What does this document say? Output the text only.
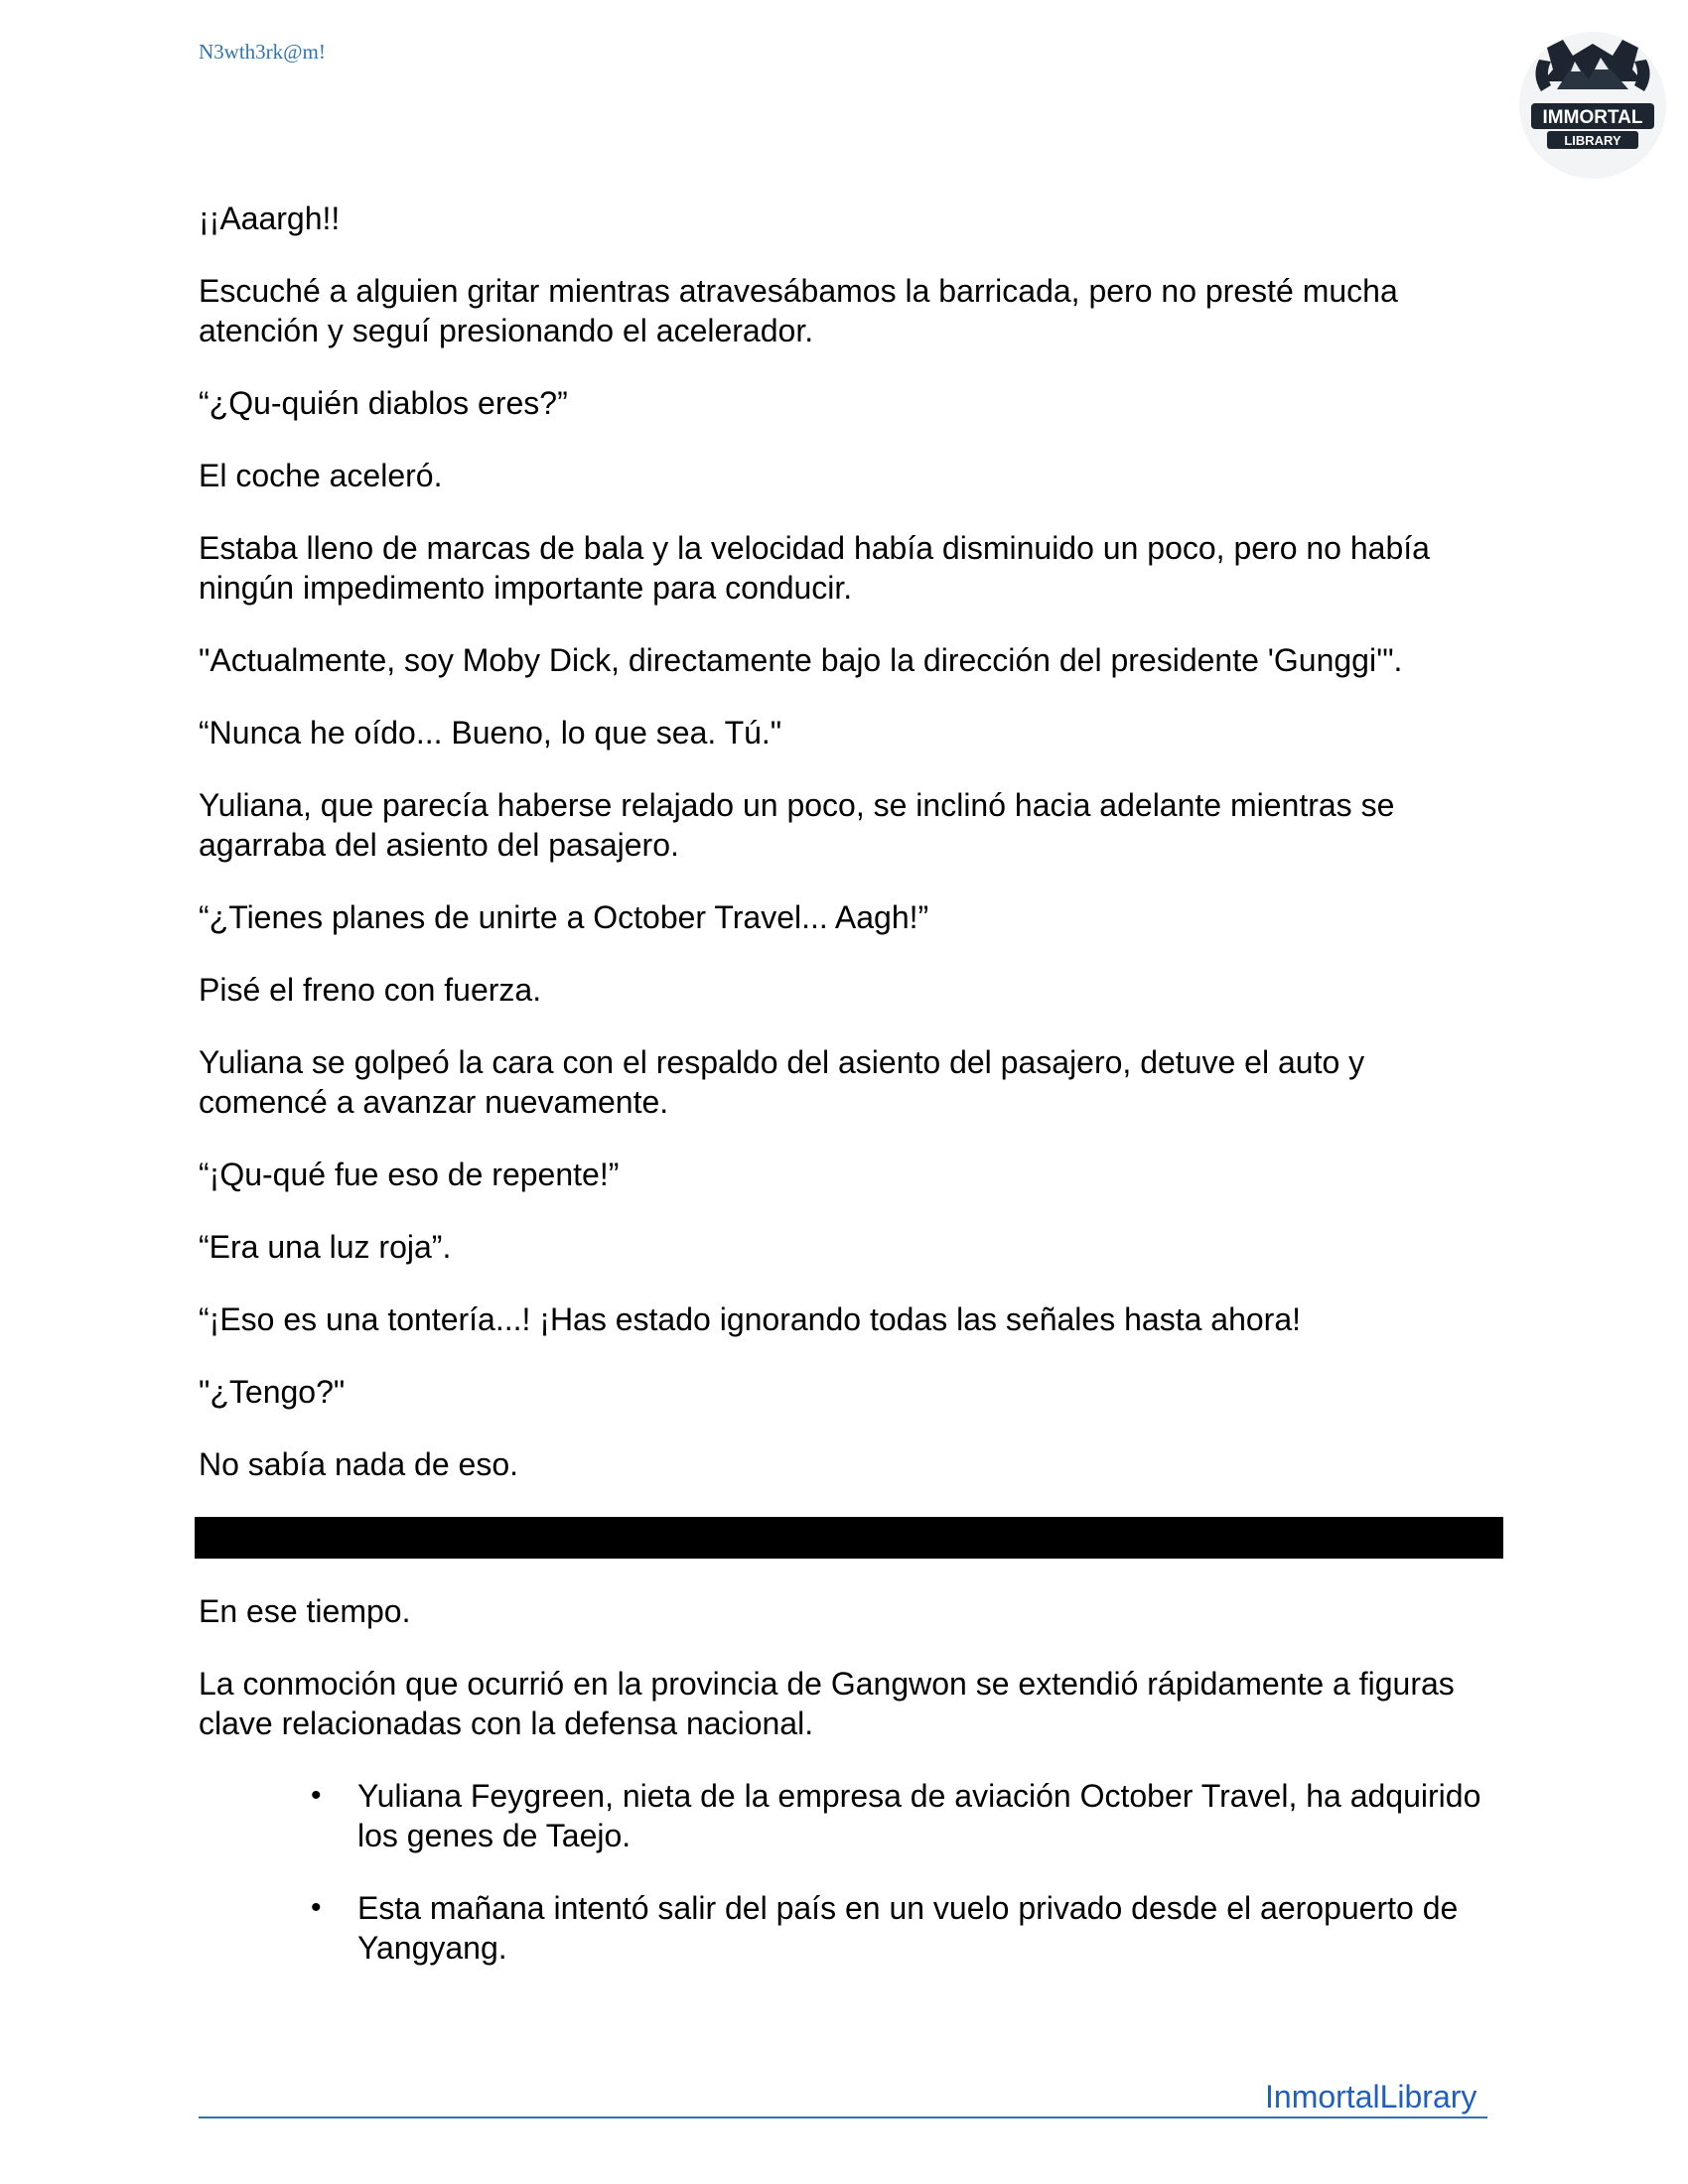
N3wth3rk@m!
IMMORTAL
LIBRARY

¡¡Aaargh!!

Escuché a alguien gritar mientras atravesábamos la barricada, pero no presté mucha atención y seguí presionando el acelerador.

“¿Qu-quién diablos eres?”

El coche aceleró.

Estaba lleno de marcas de bala y la velocidad había disminuido un poco, pero no había ningún impedimento importante para conducir.

"Actualmente, soy Moby Dick, directamente bajo la dirección del presidente 'Gunggi'".

“Nunca he oído... Bueno, lo que sea. Tú."

Yuliana, que parecía haberse relajado un poco, se inclinó hacia adelante mientras se agarraba del asiento del pasajero.

“¿Tienes planes de unirte a October Travel... Aagh!”

Pisé el freno con fuerza.

Yuliana se golpeó la cara con el respaldo del asiento del pasajero, detuve el auto y comencé a avanzar nuevamente.

“¡Qu-qué fue eso de repente!”

“Era una luz roja”.

“¡Eso es una tontería...! ¡Has estado ignorando todas las señales hasta ahora!

"¿Tengo?"

No sabía nada de eso.

En ese tiempo.

La conmoción que ocurrió en la provincia de Gangwon se extendió rápidamente a figuras clave relacionadas con la defensa nacional.

• Yuliana Feygreen, nieta de la empresa de aviación October Travel, ha adquirido los genes de Taejo.
• Esta mañana intentó salir del país en un vuelo privado desde el aeropuerto de Yangyang.
InmortalLibrary
